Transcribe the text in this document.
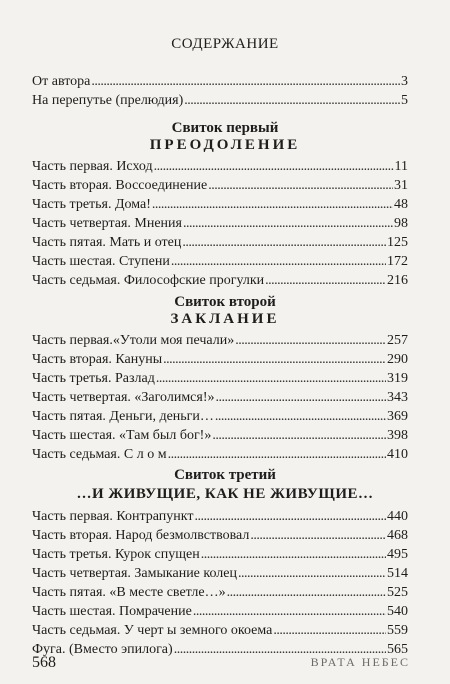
СОДЕРЖАНИЕ
От автора . . .	3
На перепутье (прелюдия) . . .	5
Свиток первый
ПРЕОДОЛЕНИЕ
Часть первая. Исход . . .	11
Часть вторая. Воссоединение . . .	31
Часть третья. Дома! . . .	48
Часть четвертая. Мнения . . .	98
Часть пятая. Мать и отец . . .	125
Часть шестая. Ступени . . .	172
Часть седьмая. Философские прогулки . . .	216
Свиток второй
ЗАКЛАНИЕ
Часть первая.«Утоли моя печали» . . .	257
Часть вторая. Кануны . . .	290
Часть третья. Разлад . . .	319
Часть четвертая. «Заголимся!» . . .	343
Часть пятая. Деньги, деньги… . . .	369
Часть шестая. «Там был бог!» . . .	398
Часть седьмая. С л о м . . .	410
Свиток третий
…И ЖИВУЩИЕ, КАК НЕ ЖИВУЩИЕ…
Часть первая. Контрапункт . . .	440
Часть вторая. Народ безмолвствовал . . .	468
Часть третья. Курок спущен . . .	495
Часть четвертая. Замыкание колец . . .	514
Часть пятая. «В месте светле…» . . .	525
Часть шестая. Помрачение . . .	540
Часть седьмая. У черт ы земного окоема . . .	559
Фуга. (Вместо эпилога) . . .	565
568	ВРАТА НЕБЕС
